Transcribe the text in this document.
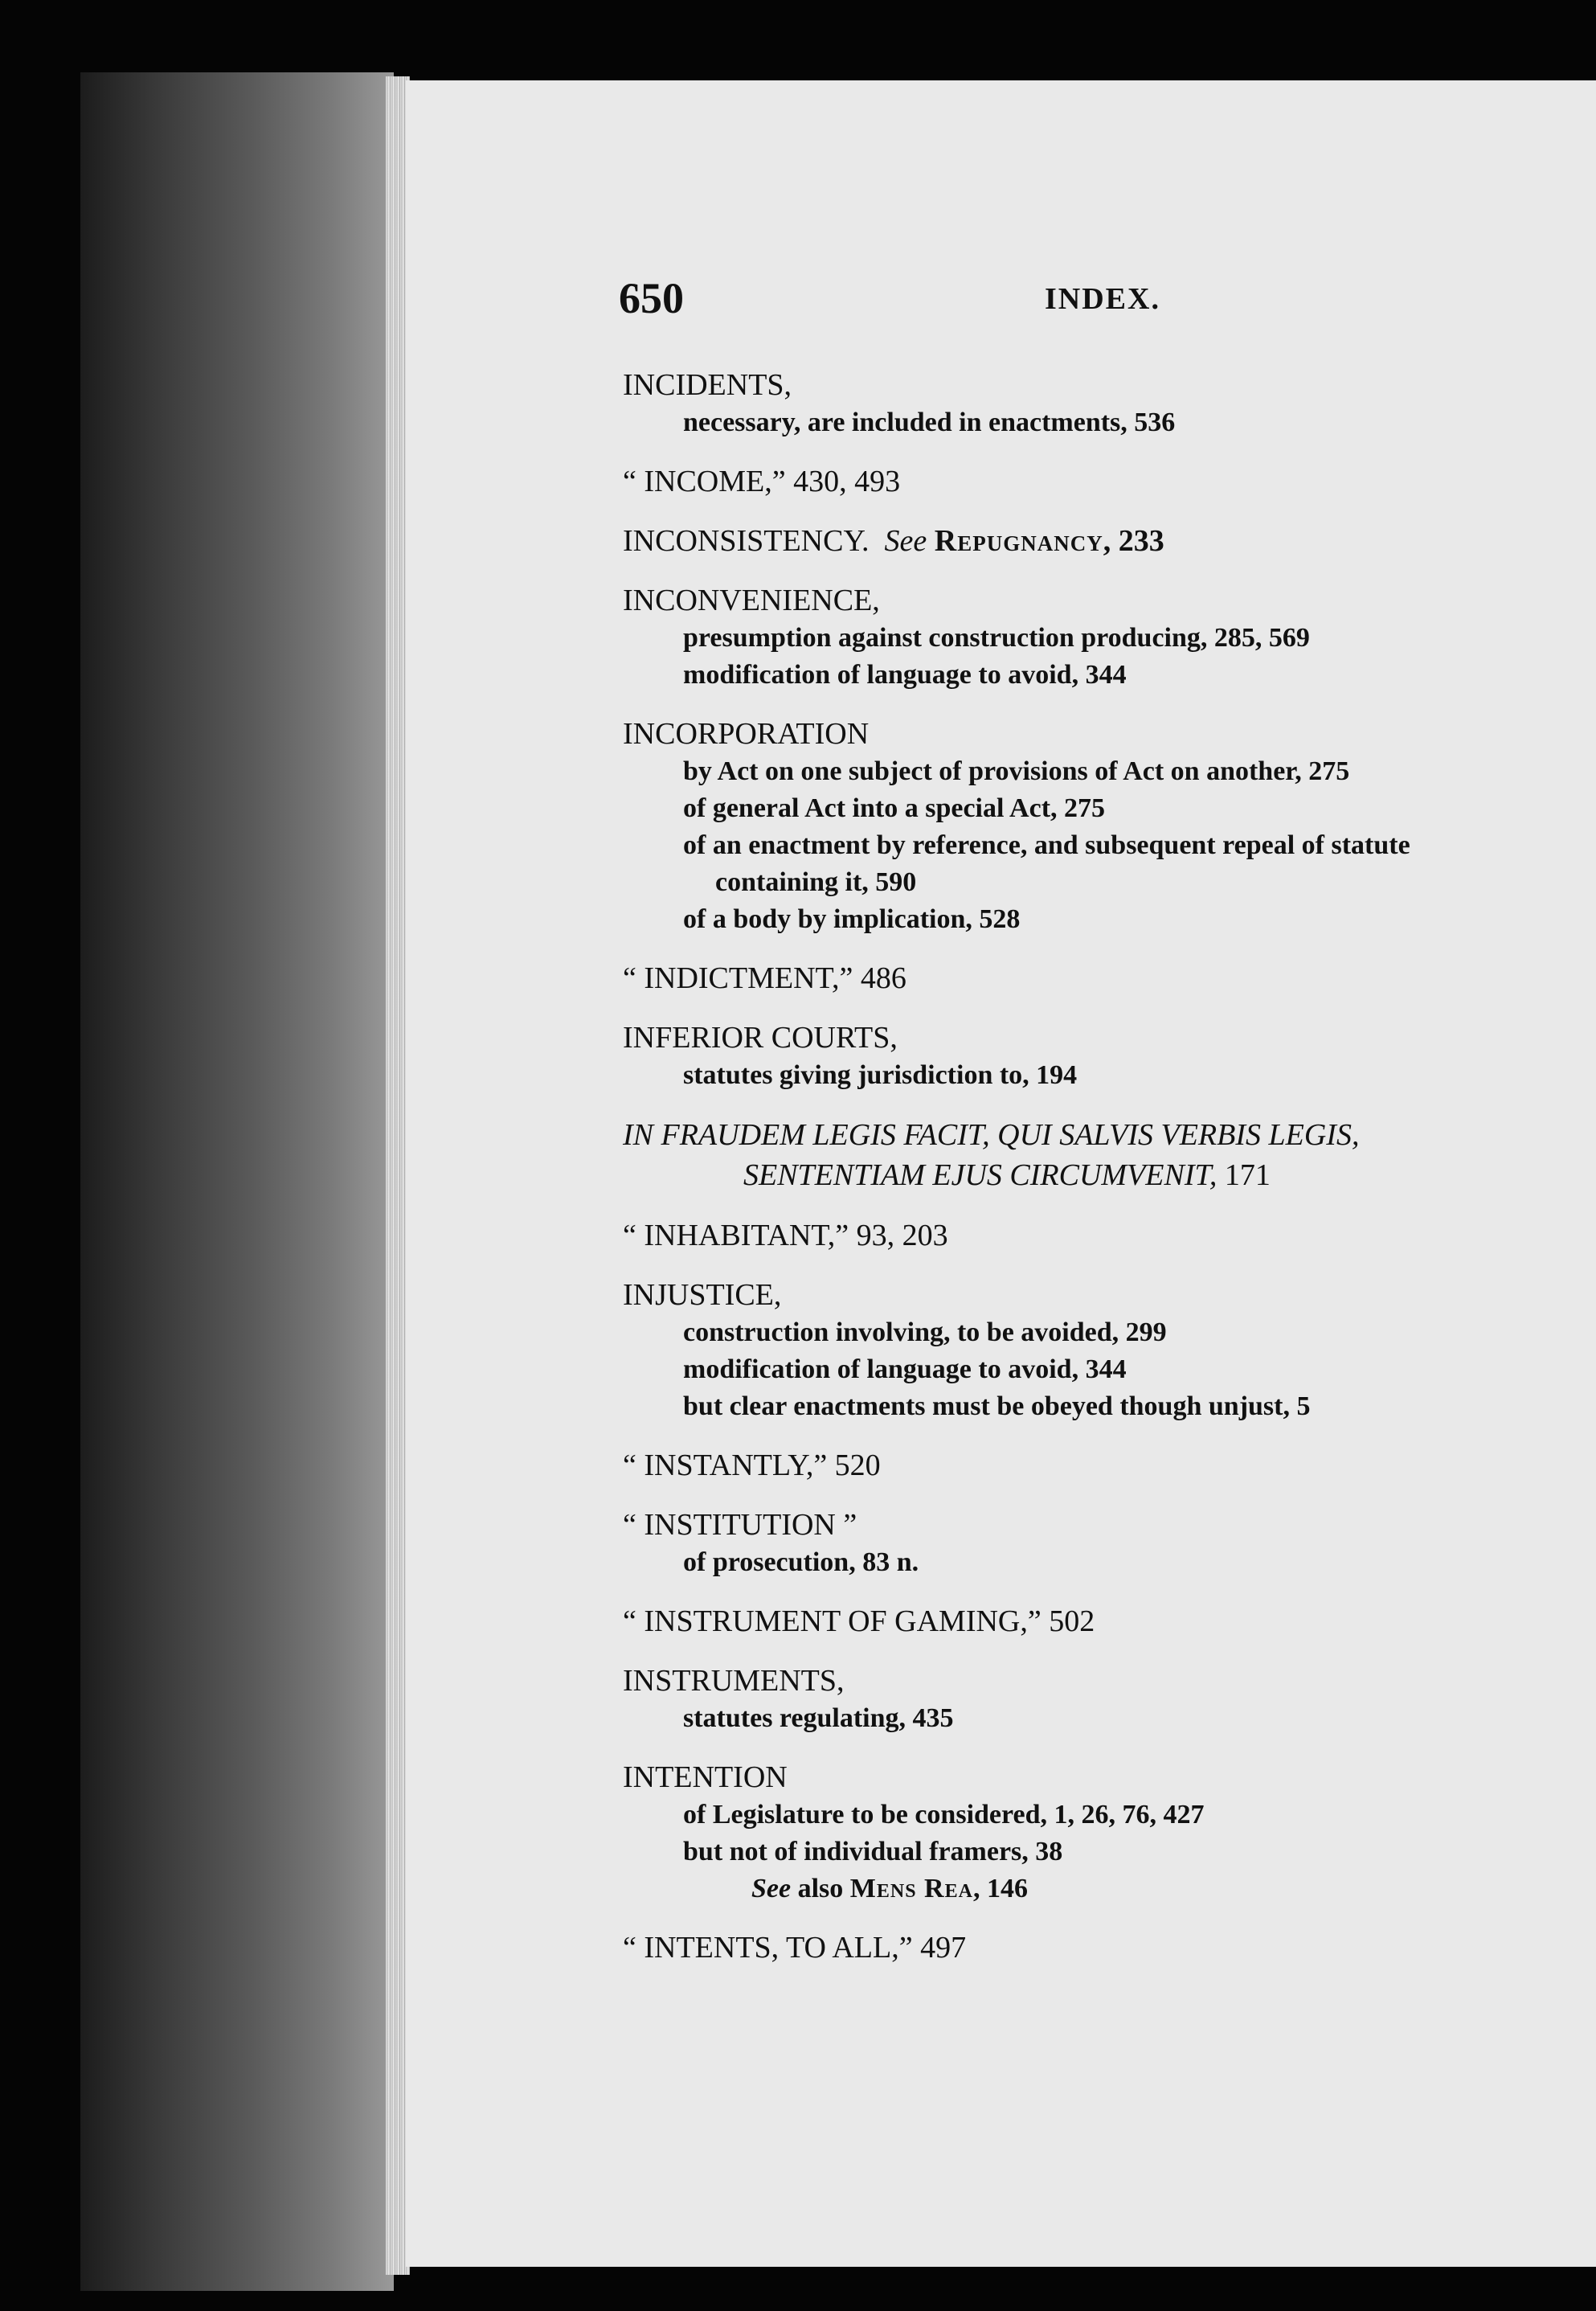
650	INDEX.
INCIDENTS,
necessary, are included in enactments, 536
“ INCOME,” 430, 493
INCONSISTENCY. See Repugnancy, 233
INCONVENIENCE,
presumption against construction producing, 285, 569
modification of language to avoid, 344
INCORPORATION
by Act on one subject of provisions of Act on another, 275
of general Act into a special Act, 275
of an enactment by reference, and subsequent repeal of statute
containing it, 590
of a body by implication, 528
“ INDICTMENT,” 486
INFERIOR COURTS,
statutes giving jurisdiction to, 194
IN FRAUDEM LEGIS FACIT, QUI SALVIS VERBIS LEGIS,
SENTENTIAM EJUS CIRCUMVENIT, 171
“ INHABITANT,” 93, 203
INJUSTICE,
construction involving, to be avoided, 299
modification of language to avoid, 344
but clear enactments must be obeyed though unjust, 5
“ INSTANTLY,” 520
“ INSTITUTION ”
of prosecution, 83 n.
“ INSTRUMENT OF GAMING,” 502
INSTRUMENTS,
statutes regulating, 435
INTENTION
of Legislature to be considered, 1, 26, 76, 427
but not of individual framers, 38
See also Mens Rea, 146
“ INTENTS, TO ALL,” 497
